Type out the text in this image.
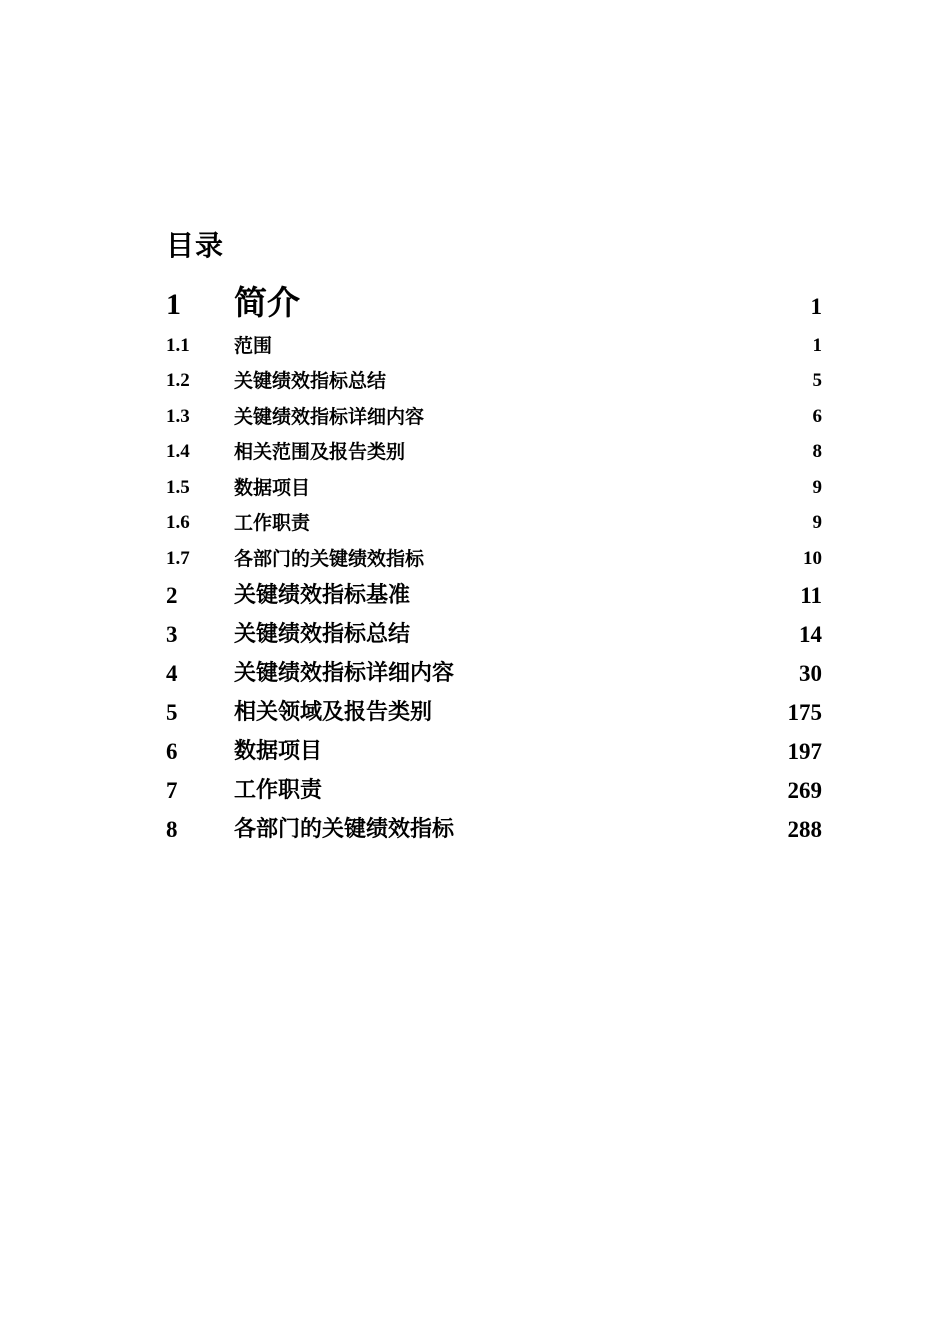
目录
1 简介	1
1.1 范围	1
1.2 关键绩效指标总结	5
1.3 关键绩效指标详细内容	6
1.4 相关范围及报告类别	8
1.5 数据项目	9
1.6 工作职责	9
1.7 各部门的关键绩效指标	10
2	关键绩效指标基准	11
3	关键绩效指标总结	14
4	关键绩效指标详细内容	30
5	相关领域及报告类别	175
6	数据项目	197
7	工作职责	269
8	各部门的关键绩效指标	288
